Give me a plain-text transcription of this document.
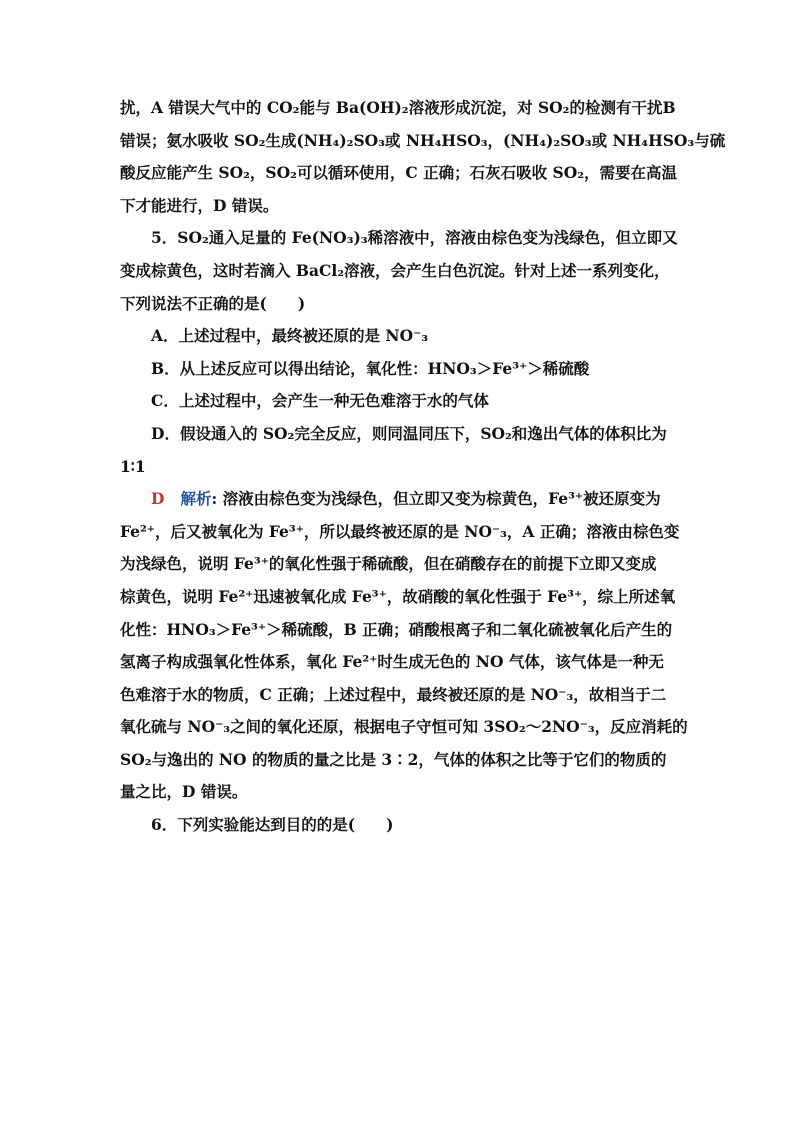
扰，A 错误大气中的 CO₂能与 Ba(OH)₂溶液形成沉淀，对 SO₂的检测有干扰B
错误；氨水吸收 SO₂生成(NH₄)₂SO₃或 NH₄HSO₃，(NH₄)₂SO₃或 NH₄HSO₃与硫
酸反应能产生 SO₂，SO₂可以循环使用，C 正确；石灰石吸收 SO₂，需要在高温
下才能进行，D 错误。
5．SO₂通入足量的 Fe(NO₃)₃稀溶液中，溶液由棕色变为浅绿色，但立即又
变成棕黄色，这时若滴入 BaCl₂溶液，会产生白色沉淀。针对上述一系列变化，
下列说法不正确的是(　　)
A．上述过程中，最终被还原的是 NO⁻₃
B．从上述反应可以得出结论，氧化性：HNO₃＞Fe³⁺＞稀硫酸
C．上述过程中，会产生一种无色难溶于水的气体
D．假设通入的 SO₂完全反应，则同温同压下，SO₂和逸出气体的体积比为
1∶1
D 解析: 溶液由棕色变为浅绿色，但立即又变为棕黄色，Fe³⁺被还原变为
Fe²⁺，后又被氧化为 Fe³⁺，所以最终被还原的是 NO⁻₃，A 正确；溶液由棕色变
为浅绿色，说明 Fe³⁺的氧化性强于稀硫酸，但在硝酸存在的前提下立即又变成
棕黄色，说明 Fe²⁺迅速被氧化成 Fe³⁺，故硝酸的氧化性强于 Fe³⁺，综上所述氧
化性：HNO₃＞Fe³⁺＞稀硫酸，B 正确；硝酸根离子和二氧化硫被氧化后产生的
氢离子构成强氧化性体系，氧化 Fe²⁺时生成无色的 NO 气体，该气体是一种无
色难溶于水的物质，C 正确；上述过程中，最终被还原的是 NO⁻₃，故相当于二
氧化硫与 NO⁻₃之间的氧化还原，根据电子守恒可知 3SO₂～2NO⁻₃，反应消耗的
SO₂与逸出的 NO 的物质的量之比是 3∶2，气体的体积之比等于它们的物质的
量之比，D 错误。
6．下列实验能达到目的的是(　　)
